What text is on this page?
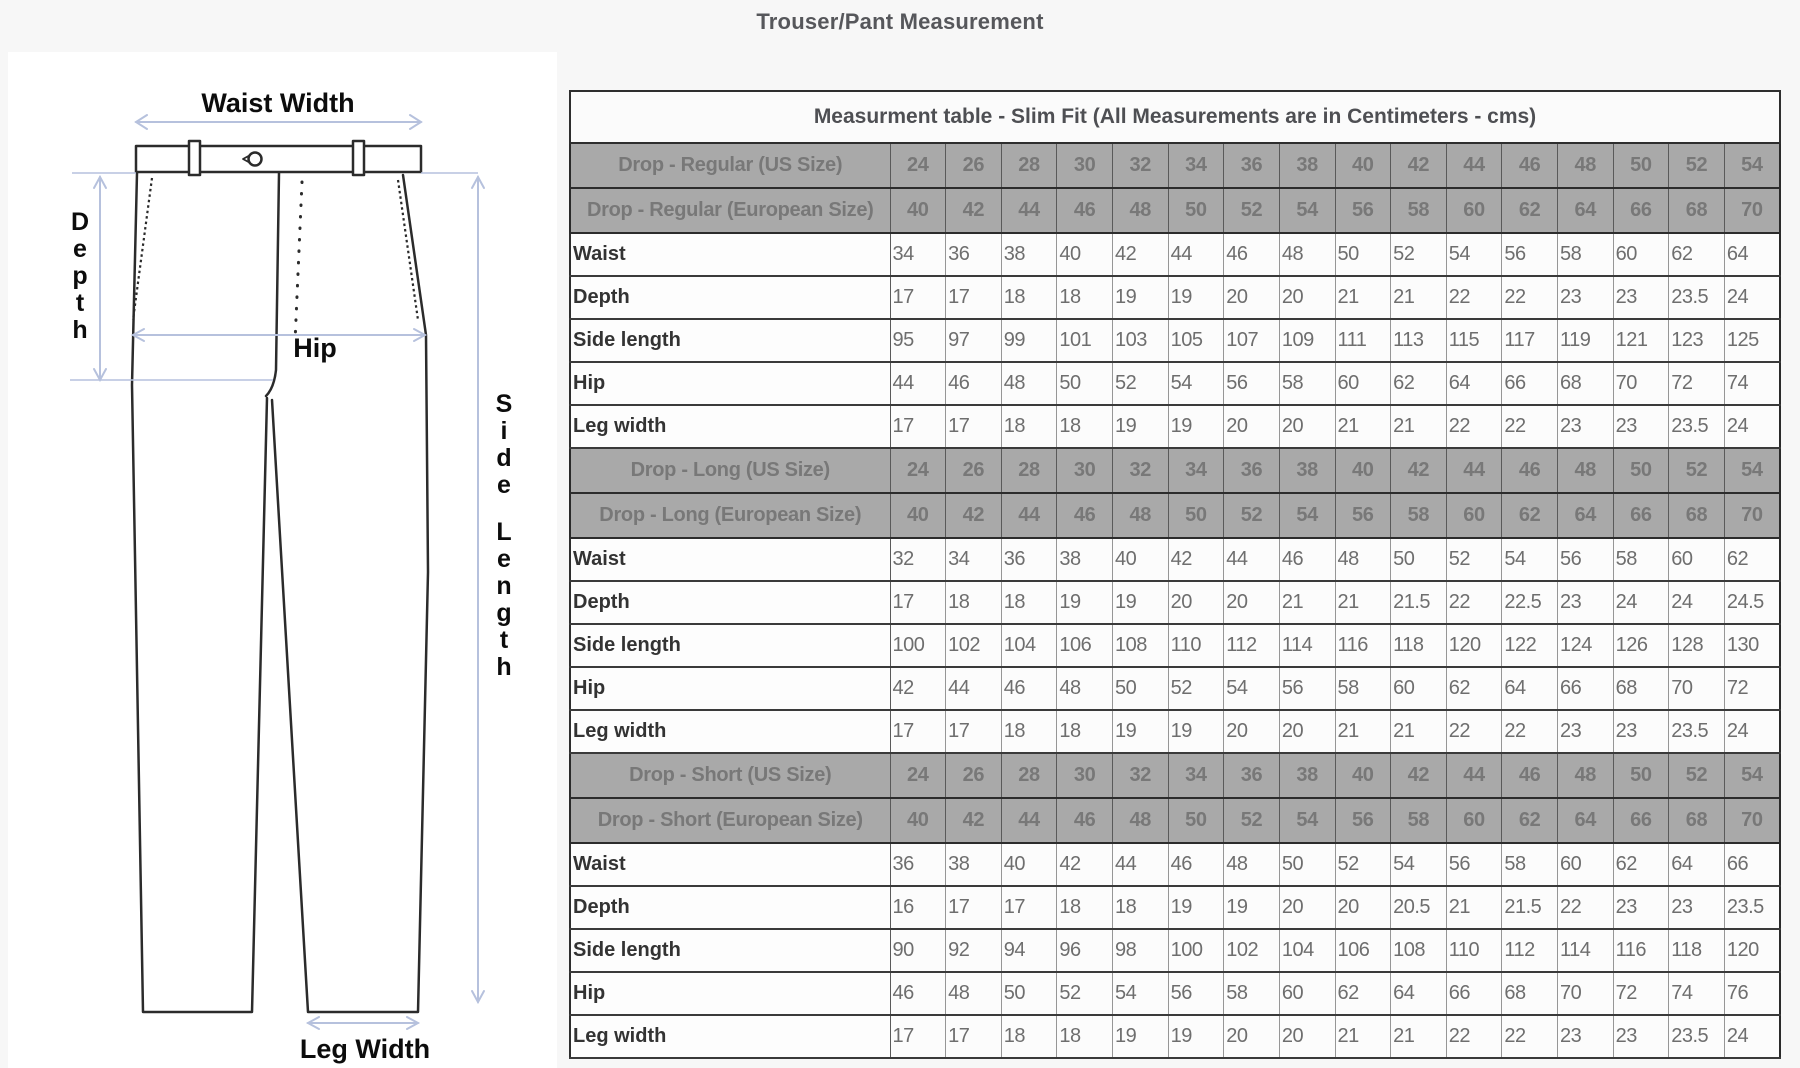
Trouser/Pant Measurement
Waist Width
D
e
p
t
h
Hip
S
i
d
e
L
e
n
g
t
h
Leg Width
Measurment table - Slim Fit (All Measurements are in Centimeters - cms)																
Drop - Regular (US Size)	24	26	28	30	32	34	36	38	40	42	44	46	48	50	52	54
Drop - Regular (European Size)	40	42	44	46	48	50	52	54	56	58	60	62	64	66	68	70
Waist	34	36	38	40	42	44	46	48	50	52	54	56	58	60	62	64
Depth	17	17	18	18	19	19	20	20	21	21	22	22	23	23	23.5	24
Side length	95	97	99	101	103	105	107	109	111	113	115	117	119	121	123	125
Hip	44	46	48	50	52	54	56	58	60	62	64	66	68	70	72	74
Leg width	17	17	18	18	19	19	20	20	21	21	22	22	23	23	23.5	24
Drop - Long (US Size)	24	26	28	30	32	34	36	38	40	42	44	46	48	50	52	54
Drop - Long (European Size)	40	42	44	46	48	50	52	54	56	58	60	62	64	66	68	70
Waist	32	34	36	38	40	42	44	46	48	50	52	54	56	58	60	62
Depth	17	18	18	19	19	20	20	21	21	21.5	22	22.5	23	24	24	24.5
Side length	100	102	104	106	108	110	112	114	116	118	120	122	124	126	128	130
Hip	42	44	46	48	50	52	54	56	58	60	62	64	66	68	70	72
Leg width	17	17	18	18	19	19	20	20	21	21	22	22	23	23	23.5	24
Drop - Short (US Size)	24	26	28	30	32	34	36	38	40	42	44	46	48	50	52	54
Drop - Short (European Size)	40	42	44	46	48	50	52	54	56	58	60	62	64	66	68	70
Waist	36	38	40	42	44	46	48	50	52	54	56	58	60	62	64	66
Depth	16	17	17	18	18	19	19	20	20	20.5	21	21.5	22	23	23	23.5
Side length	90	92	94	96	98	100	102	104	106	108	110	112	114	116	118	120
Hip	46	48	50	52	54	56	58	60	62	64	66	68	70	72	74	76
Leg width	17	17	18	18	19	19	20	20	21	21	22	22	23	23	23.5	24
